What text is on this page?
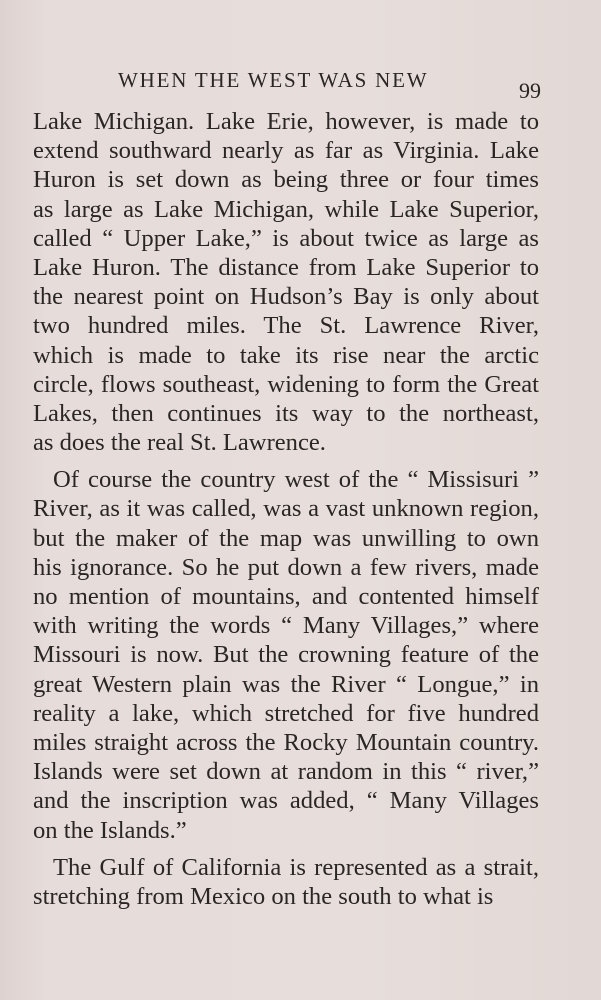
WHEN THE WEST WAS NEW	99
Lake Michigan. Lake Erie, however, is made to
extend southward nearly as far as Virginia. Lake
Huron is set down as being three or four times
as large as Lake Michigan, while Lake Superior,
called “ Upper Lake,” is about twice as large as
Lake Huron. The distance from Lake Superior to
the nearest point on Hudson’s Bay is only about
two hundred miles. The St. Lawrence River,
which is made to take its rise near the arctic
circle, flows southeast, widening to form the Great
Lakes, then continues its way to the northeast,
as does the real St. Lawrence.
Of course the country west of the “ Missisuri ”
River, as it was called, was a vast unknown region,
but the maker of the map was unwilling to own
his ignorance. So he put down a few rivers, made
no mention of mountains, and contented himself
with writing the words “ Many Villages,” where
Missouri is now. But the crowning feature of the
great Western plain was the River “ Longue,” in
reality a lake, which stretched for five hundred
miles straight across the Rocky Mountain country.
Islands were set down at random in this “ river,”
and the inscription was added, “ Many Villages
on the Islands.”
The Gulf of California is represented as a strait,
stretching from Mexico on the south to what is
